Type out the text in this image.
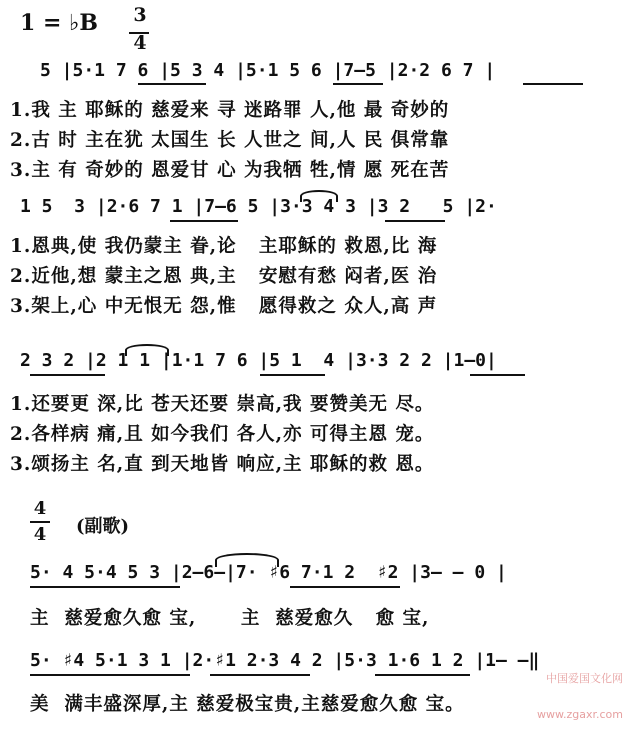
1 = ♭B 3
4
5 |5·1 7 6 |5 3 4 |5·1 5 6 |7–5 |2·2 6 7 |
1.我 主 耶稣的 慈爱来 寻 迷路罪 人,他 最 奇妙的
2.古 时 主在犹 太国生 长 人世之 间,人 民 俱常靠
3.主 有 奇妙的 恩爱甘 心 为我牺 牲,情 愿 死在苦
1 5  3 |2·6 7 1 |7–6 5 |3·3 4 3 |3 2   5 |2·
1.恩典,使 我仍蒙主 眷,论   主耶稣的 救恩,比 海
2.近他,想 蒙主之恩 典,主   安慰有愁 闷者,医 治
3.架上,心 中无恨无 怨,惟   愿得救之 众人,高 声
2 3 2 |2 1 1 |1·1 7 6 |5 1  4 |3·3 2 2 |1–0|
1.还要更 深,比 苍天还要 崇高,我 要赞美无 尽。
2.各样病 痛,且 如今我们 各人,亦 可得主恩 宠。
3.颂扬主 名,直 到天地皆 响应,主 耶稣的救 恩。
4
4 (副歌)
5· 4 5·4 5 3 |2–6–|7· ♯6 7·1 2  ♯2 |3– – 0 |
主  慈爱愈久愈 宝,      主  慈爱愈久   愈 宝,
5· ♯4 5·1 3 1 |2·♯1 2·3 4 2 |5·3 1·6 1 2 |1– –‖
美  满丰盛深厚,主 慈爱极宝贵,主慈爱愈久愈 宝。

中国爱国文化网

www.zgaxr.com
